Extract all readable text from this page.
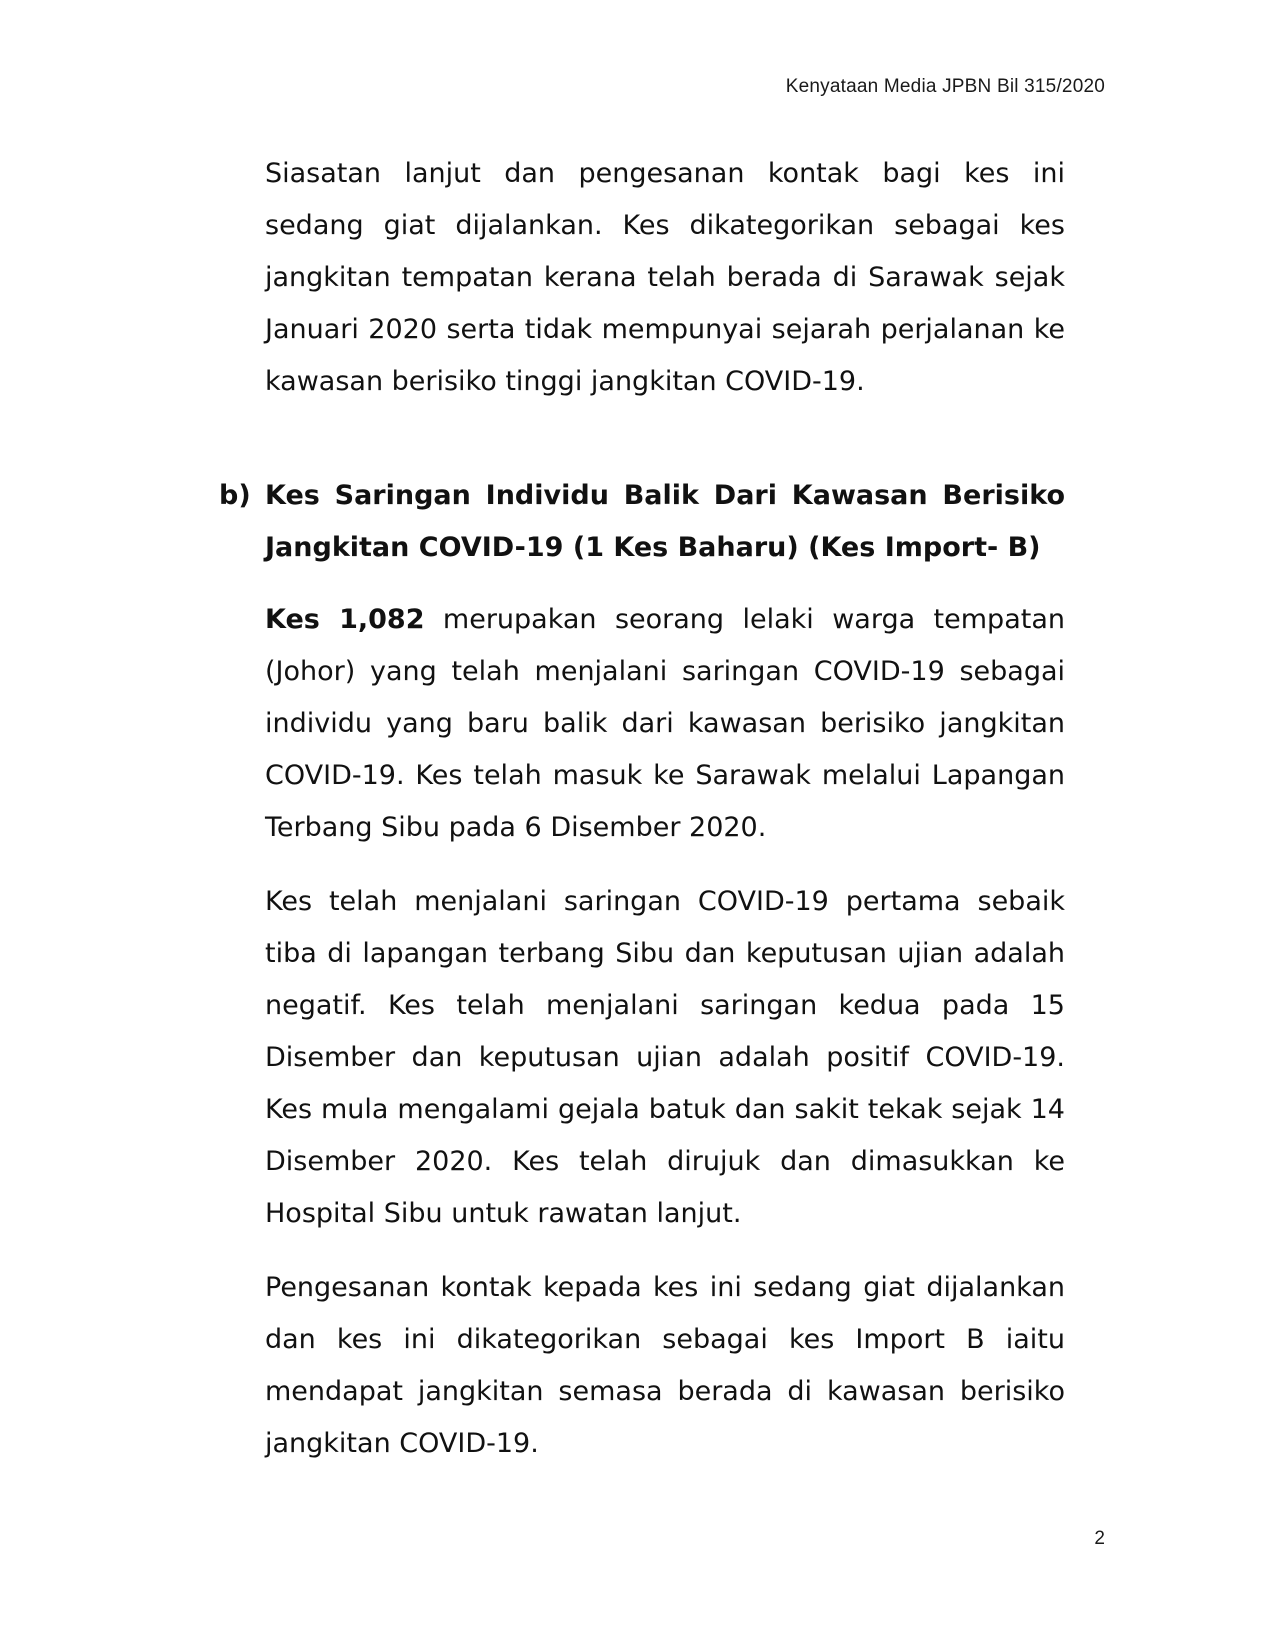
Kenyataan Media JPBN Bil 315/2020

Siasatan lanjut dan pengesanan kontak bagi kes ini sedang giat dijalankan. Kes dikategorikan sebagai kes jangkitan tempatan kerana telah berada di Sarawak sejak Januari 2020 serta tidak mempunyai sejarah perjalanan ke kawasan berisiko tinggi jangkitan COVID-19.

b) Kes Saringan Individu Balik Dari Kawasan Berisiko Jangkitan COVID-19 (1 Kes Baharu) (Kes Import- B)

Kes 1,082 merupakan seorang lelaki warga tempatan (Johor) yang telah menjalani saringan COVID-19 sebagai individu yang baru balik dari kawasan berisiko jangkitan COVID-19. Kes telah masuk ke Sarawak melalui Lapangan Terbang Sibu pada 6 Disember 2020.

Kes telah menjalani saringan COVID-19 pertama sebaik tiba di lapangan terbang Sibu dan keputusan ujian adalah negatif. Kes telah menjalani saringan kedua pada 15 Disember dan keputusan ujian adalah positif COVID-19. Kes mula mengalami gejala batuk dan sakit tekak sejak 14 Disember 2020. Kes telah dirujuk dan dimasukkan ke Hospital Sibu untuk rawatan lanjut.

Pengesanan kontak kepada kes ini sedang giat dijalankan dan kes ini dikategorikan sebagai kes Import B iaitu mendapat jangkitan semasa berada di kawasan berisiko jangkitan COVID-19.

2
